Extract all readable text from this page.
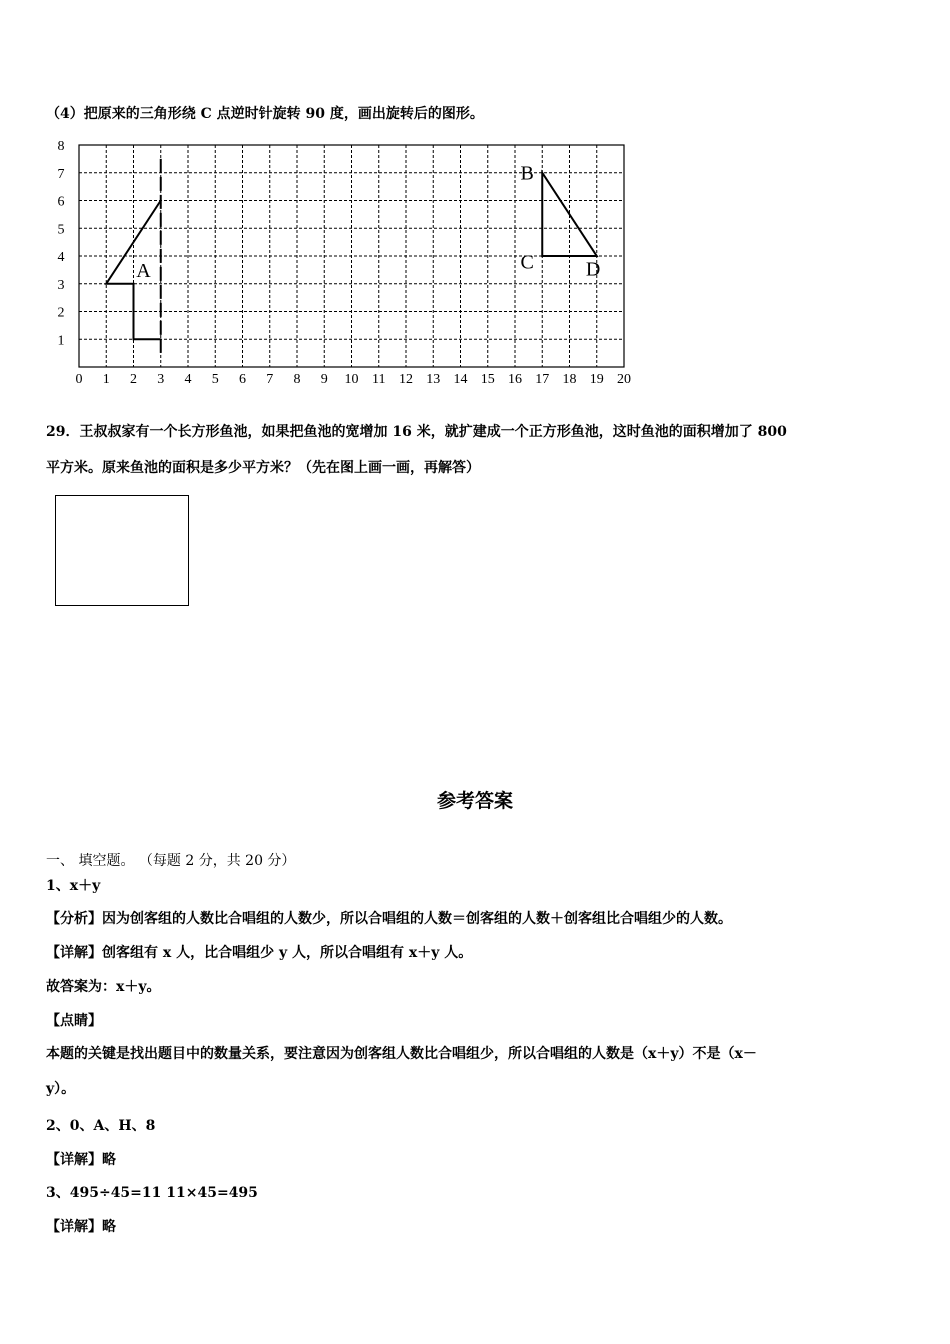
（4）把原来的三角形绕 C 点逆时针旋转 90 度，画出旋转后的图形。
0 1 2 3 4 5 6 7 8 9 10 11 12 13 14 15 16 17 18 19 20
1
2
3
4
5
6
7
8
A
B
C	D
29．王叔叔家有一个长方形鱼池，如果把鱼池的宽增加 16 米，就扩建成一个正方形鱼池，这时鱼池的面积增加了 800
平方米。原来鱼池的面积是多少平方米？（先在图上画一画，再解答）
参考答案
一、 填空题。 （每题 2 分，共 20 分）
1、x＋y
【分析】因为创客组的人数比合唱组的人数少，所以合唱组的人数＝创客组的人数＋创客组比合唱组少的人数。
【详解】创客组有 x 人，比合唱组少 y 人，所以合唱组有 x＋y 人。
故答案为：x＋y。
【点睛】
本题的关键是找出题目中的数量关系，要注意因为创客组人数比合唱组少，所以合唱组的人数是（x＋y）不是（x－
y）。
2、0、A、H、8
【详解】略
3、495÷45=11 11×45=495
【详解】略
